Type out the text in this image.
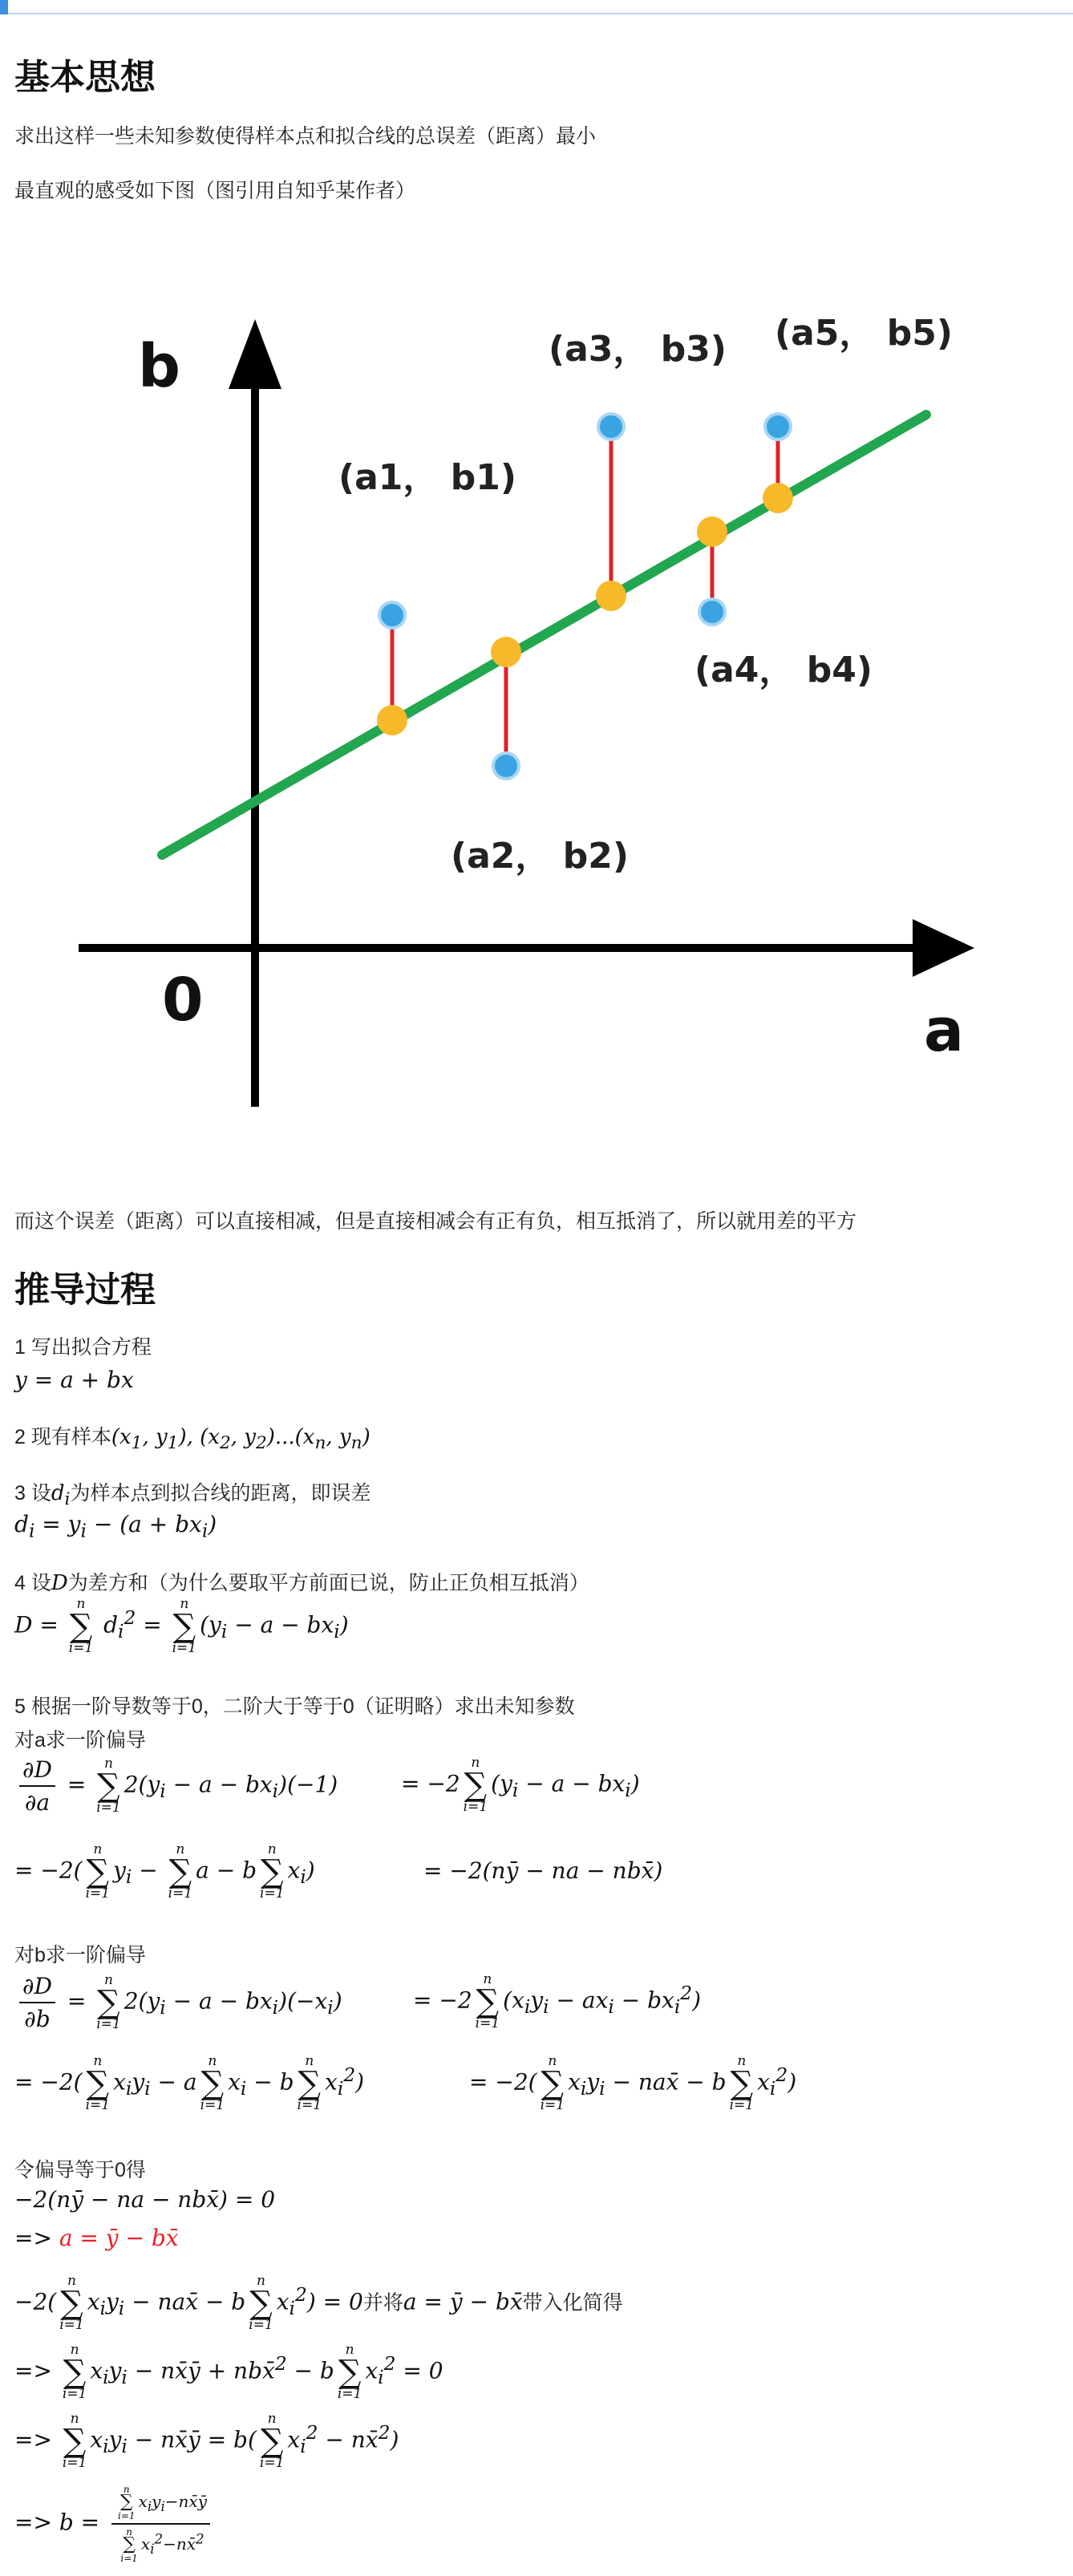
基本思想
求出这样一些未知参数使得样本点和拟合线的总误差（距离）最小
最直观的感受如下图（图引用自知乎某作者）
b
a
0
(a1， b1)
(a2， b2)
(a3， b3)
(a4， b4)
(a5， b5)
而这个误差（距离）可以直接相减，但是直接相减会有正有负，相互抵消了，所以就用差的平方
推导过程
1 写出拟合方程
y = a + bx
2 现有样本($x_1$, $y_1$), ($x_2$, $y_2)...(x_n$, $y_n$)
3 设$d_i$为样本点到拟合线的距离，即误差
$d_i = y_i - (a + bx_i)$
4 设D为差方和（为什么要取平方前面已说，防止正负相互抵消）
D =
n
∑
i=1
$d_i^2$ =
n
∑
i=1
$(y_i - a - bx_i)$
5 根据一阶导数等于0，二阶大于等于0（证明略）求出未知参数
对a求一阶偏导
$\frac{\partial D}{\partial a}$ =
n
∑
i=1
$2(y_i - a - bx_i)(-1)$	= −2
n
∑
i=1
$(y_i - a - bx_i)$
= −2(
n
∑
i=1
$y_i$ −
n
∑
i=1
a − b
n
∑
i=1
$x_i$)	= −2(nȳ − na − nbx̄)
对b求一阶偏导
$\frac{\partial D}{\partial b}$ =
n
∑
i=1
$2(y_i - a - bx_i)(-x_i)$	= −2
n
∑
i=1
$(x_iy_i - ax_i - bx_i^2)$
= −2(
n
∑
i=1
$x_iy_i - a$
n
∑
i=1
$x_i - b$
n
∑
i=1
$x_i^2$)	= −2(
n
∑
i=1
$x_iy_i$ − nax̄ − b
n
∑
i=1
$x_i^2$)
令偏导等于0得
−2(nȳ − na − nbx̄) = 0
=> a = ȳ − bx̄
−2(
n
∑
i=1
$x_iy_i$ − nax̄ − b
n
∑
i=1
$x_i^2) = 0$并将a = ȳ − bx̄带入化简得
=>
n
∑
i=1
$x_iy_i$ − nx̄ȳ + nbx̄$^2$ − b
n
∑
i=1
$x_i^2 = 0$
=>
n
∑
i=1
$x_iy_i$ − nx̄ȳ = b(
n
∑
i=1
$x_i^2$ − nx̄$^2$)
=> b = n
∑
i=1
$x_iy_i-nx̄ȳ$
n
∑
i=1
$x_i^2-nx̄^2$
